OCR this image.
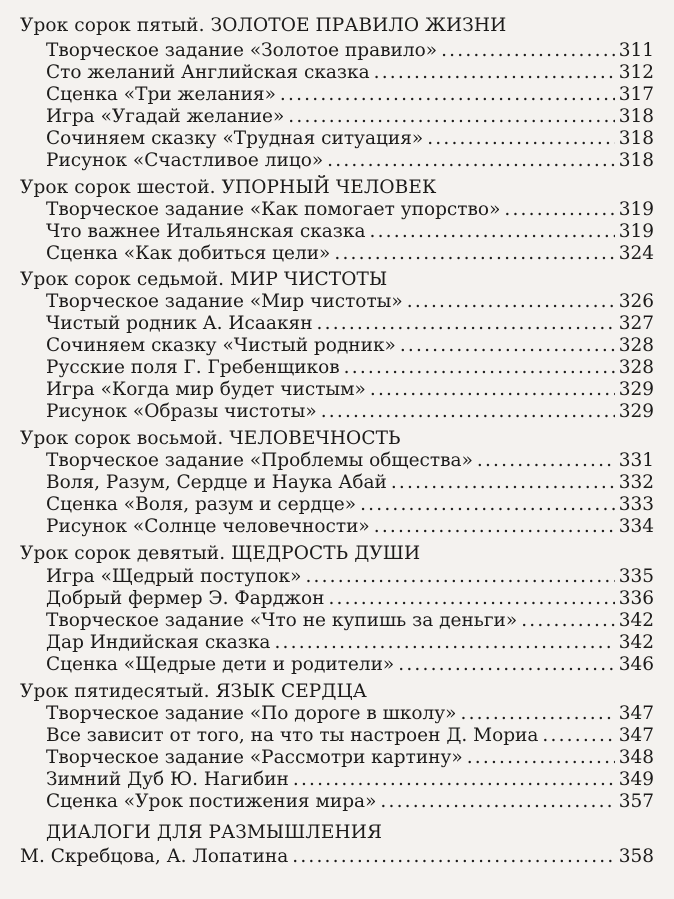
Урок сорок пятый. ЗОЛОТОЕ ПРАВИЛО ЖИЗНИ
Творческое задание «Золотое правило» .....	311
Сто желаний Английская сказка .....	312
Сценка «Три желания» .....	317
Игра «Угадай желание» .....	318
Сочиняем сказку «Трудная ситуация» .....	318
Рисунок «Счастливое лицо» .....	318
Урок сорок шестой. УПОРНЫЙ ЧЕЛОВЕК
Творческое задание «Как помогает упорство» .....	319
Что важнее Итальянская сказка .....	319
Сценка «Как добиться цели» .....	324
Урок сорок седьмой. МИР ЧИСТОТЫ
Творческое задание «Мир чистоты» .....	326
Чистый родник А. Исаакян .....	327
Сочиняем сказку «Чистый родник» .....	328
Русские поля Г. Гребенщиков .....	328
Игра «Когда мир будет чистым» .....	329
Рисунок «Образы чистоты» .....	329
Урок сорок восьмой. ЧЕЛОВЕЧНОСТЬ
Творческое задание «Проблемы общества» .....	331
Воля, Разум, Сердце и Наука Абай .....	332
Сценка «Воля, разум и сердце» .....	333
Рисунок «Солнце человечности» .....	334
Урок сорок девятый. ЩЕДРОСТЬ ДУШИ
Игра «Щедрый поступок» .....	335
Добрый фермер Э. Фарджон .....	336
Творческое задание «Что не купишь за деньги» .....	342
Дар Индийская сказка .....	342
Сценка «Щедрые дети и родители» .....	346
Урок пятидесятый. ЯЗЫК СЕРДЦА
Творческое задание «По дороге в школу» .....	347
Все зависит от того, на что ты настроен Д. Мориа .....	347
Творческое задание «Рассмотри картину» .....	348
Зимний Дуб Ю. Нагибин .....	349
Сценка «Урок постижения мира» .....	357
ДИАЛОГИ ДЛЯ РАЗМЫШЛЕНИЯ
М. Скребцова, А. Лопатина .....	358
